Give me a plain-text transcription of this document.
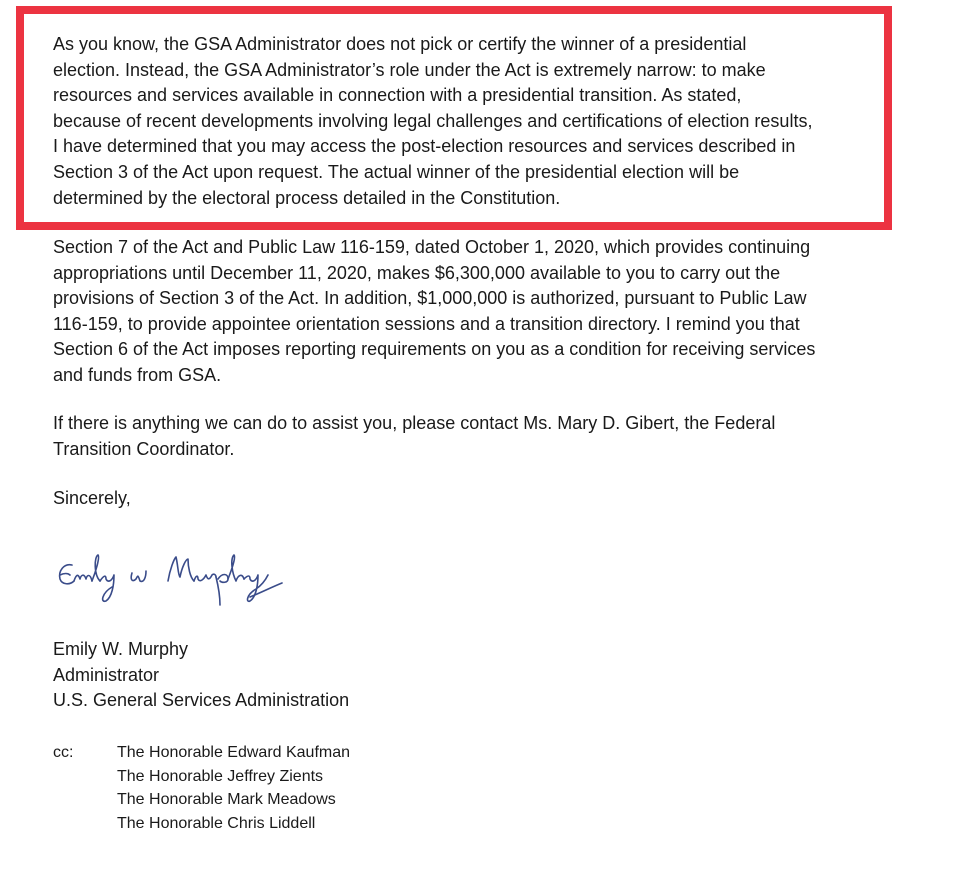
As you know, the GSA Administrator does not pick or certify the winner of a presidential
election. Instead, the GSA Administrator’s role under the Act is extremely narrow: to make
resources and services available in connection with a presidential transition. As stated,
because of recent developments involving legal challenges and certifications of election results,
I have determined that you may access the post-election resources and services described in
Section 3 of the Act upon request. The actual winner of the presidential election will be
determined by the electoral process detailed in the Constitution.

Section 7 of the Act and Public Law 116-159, dated October 1, 2020, which provides continuing
appropriations until December 11, 2020, makes $6,300,000 available to you to carry out the
provisions of Section 3 of the Act. In addition, $1,000,000 is authorized, pursuant to Public Law
116-159, to provide appointee orientation sessions and a transition directory. I remind you that
Section 6 of the Act imposes reporting requirements on you as a condition for receiving services
and funds from GSA.

If there is anything we can do to assist you, please contact Ms. Mary D. Gibert, the Federal
Transition Coordinator.

Sincerely,

Emily W. Murphy
Administrator
U.S. General Services Administration
cc:	The Honorable Edward Kaufman
The Honorable Jeffrey Zients
The Honorable Mark Meadows
The Honorable Chris Liddell
